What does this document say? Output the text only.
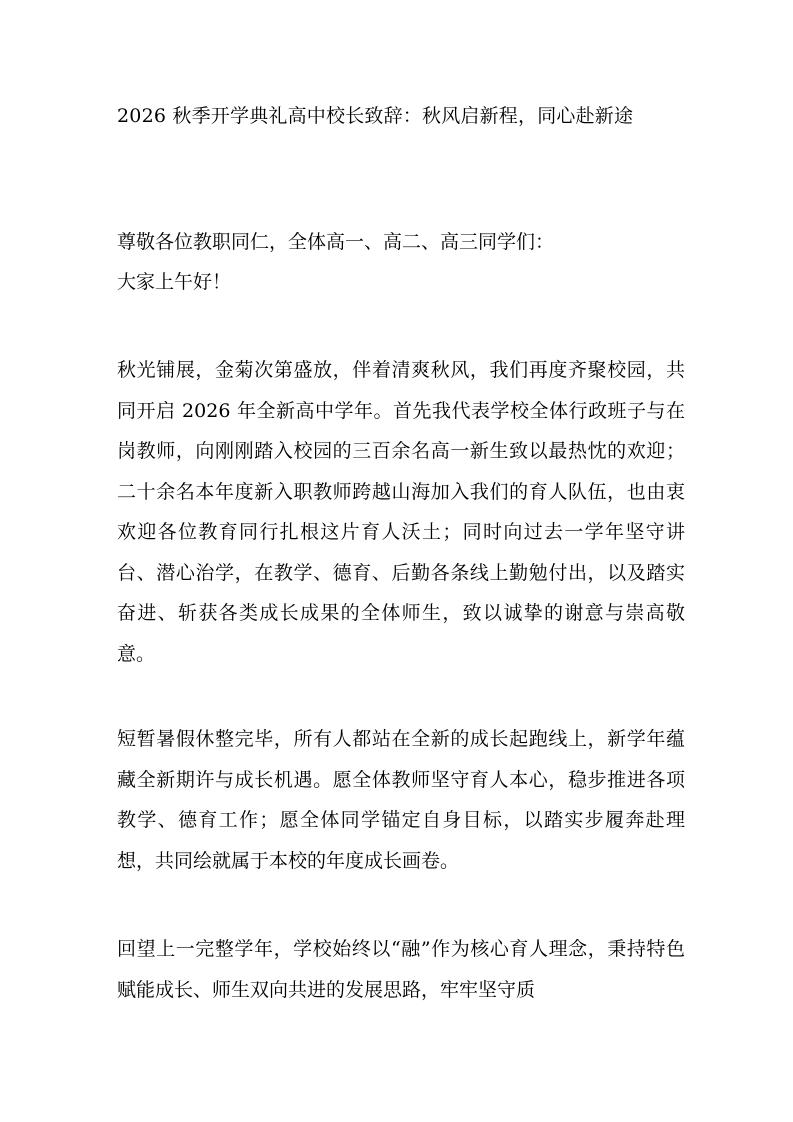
2026 秋季开学典礼高中校长致辞：秋风启新程，同心赴新途
尊敬各位教职同仁，全体高一、高二、高三同学们：
大家上午好！
秋光铺展，金菊次第盛放，伴着清爽秋风，我们再度齐聚校园，共同开启 2026 年全新高中学年。首先我代表学校全体行政班子与在岗教师，向刚刚踏入校园的三百余名高一新生致以最热忱的欢迎；二十余名本年度新入职教师跨越山海加入我们的育人队伍，也由衷欢迎各位教育同行扎根这片育人沃土；同时向过去一学年坚守讲台、潜心治学，在教学、德育、后勤各条线上勤勉付出，以及踏实奋进、斩获各类成长成果的全体师生，致以诚挚的谢意与崇高敬意。
短暂暑假休整完毕，所有人都站在全新的成长起跑线上，新学年蕴藏全新期许与成长机遇。愿全体教师坚守育人本心，稳步推进各项教学、德育工作；愿全体同学锚定自身目标，以踏实步履奔赴理想，共同绘就属于本校的年度成长画卷。
回望上一完整学年，学校始终以“融”作为核心育人理念，秉持特色赋能成长、师生双向共进的发展思路，牢牢坚守质
